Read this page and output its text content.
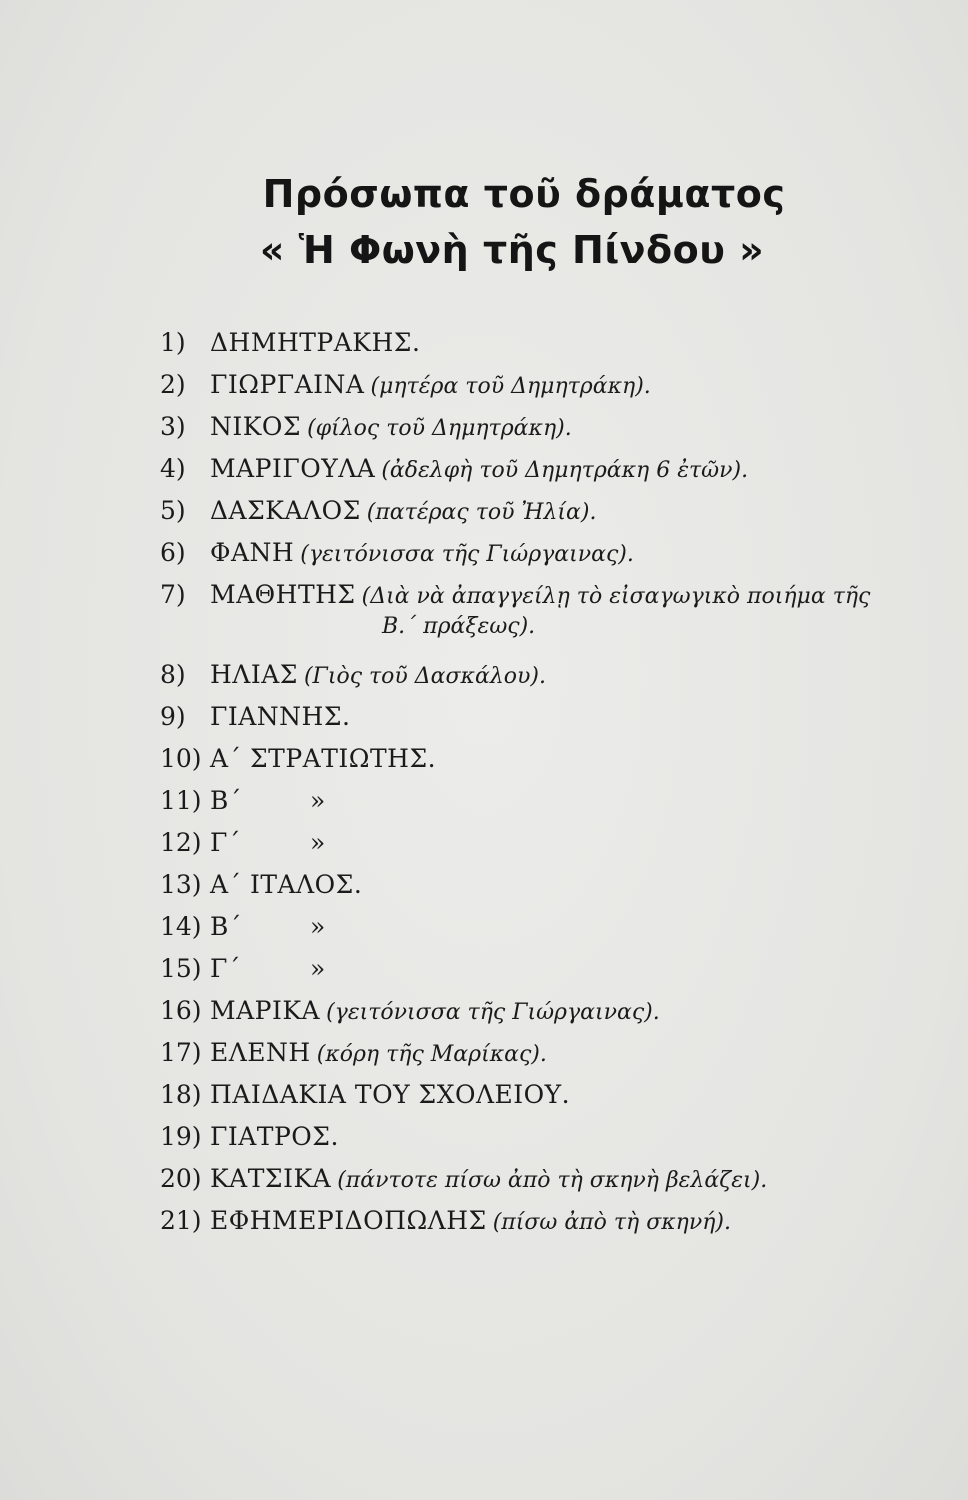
Πρόσωπα τοῦ δράματος
« Ἡ Φωνὴ τῆς Πίνδου »
1) ΔΗΜΗΤΡΑΚΗΣ.
2) ΓΙΩΡΓΑΙΝΑ (μητέρα τοῦ Δημητράκη).
3) ΝΙΚΟΣ (φίλος τοῦ Δημητράκη).
4) ΜΑΡΙΓΟΥΛΑ (ἀδελφὴ τοῦ Δημητράκη 6 ἐτῶν).
5) ΔΑΣΚΑΛΟΣ (πατέρας τοῦ Ἠλία).
6) ΦΑΝΗ (γειτόνισσα τῆς Γιώργαινας).
7) ΜΑΘΗΤΗΣ (Διὰ νὰ ἀπαγγείλῃ τὸ εἰσαγωγικὸ ποιήμα τῆς
Β.΄ πράξεως).
8) ΗΛΙΑΣ (Γιὸς τοῦ Δασκάλου).
9) ΓΙΑΝΝΗΣ.
10) Α΄ ΣΤΡΑΤΙΩΤΗΣ.
11) Β΄	»
12) Γ΄	»
13) Α΄ ΙΤΑΛΟΣ.
14) Β΄	»
15) Γ΄	»
16) ΜΑΡΙΚΑ (γειτόνισσα τῆς Γιώργαινας).
17) ΕΛΕΝΗ (κόρη τῆς Μαρίκας).
18) ΠΑΙΔΑΚΙΑ ΤΟΥ ΣΧΟΛΕΙΟΥ.
19) ΓΙΑΤΡΟΣ.
20) ΚΑΤΣΙΚΑ (πάντοτε πίσω ἀπὸ τὴ σκηνὴ βελάζει).
21) ΕΦΗΜΕΡΙΔΟΠΩΛΗΣ (πίσω ἀπὸ τὴ σκηνή).
